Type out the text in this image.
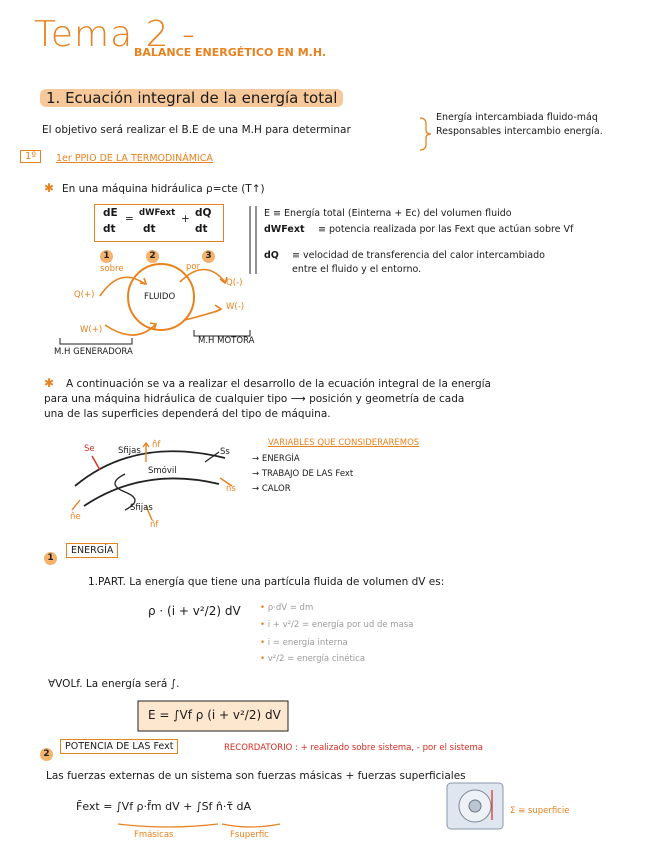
Tema 2 -
BALANCE ENERGÉTICO EN M.H.
1. Ecuación integral de la energía total
El objetivo será realizar el B.E de una M.H para determinar
Energía intercambiada fluido-máq
Responsables intercambio energía.
1º	1er PPIO DE LA TERMODINÁMICA
✱ En una máquina hidráulica ρ=cte (T↑)
dE
dt
= dWFext
dt
+ dQ
dt
1	2	3
E ≡ Energía total (Einterna + Ec) del volumen fluido
dWFext ≡ potencia realizada por las Fext que actúan sobre Vf
dQ ≡ velocidad de transferencia del calor intercambiado
entre el fluido y el entorno.
sobre	por
FLUIDO
Q(+)
Q(-)
W(+)
W(-)
M.H GENERADORA
M.H MOTORA
✱ A continuación se va a realizar el desarrollo de la ecuación integral de la energía
para una máquina hidráulica de cualquier tipo ⟶ posición y geometría de cada
una de las superficies dependerá del tipo de máquina.
Se	Sfijas
n̂f
Ss
Smóvil
n̂s
Sfijas
n̂f
n̂e
VARIABLES QUE CONSIDERAREMOS
→ ENERGÍA
→ TRABAJO DE LAS Fext
→ CALOR
1
ENERGÍA
1.PART. La energía que tiene una partícula fluida de volumen dV es:
ρ · (i + v²/2) dV • ρ·dV = dm
• i + v²/2 = energía por ud de masa
• i = energía interna
• v²/2 = energía cinética
∀VOLf. La energía será ∫.
E = ∫Vf ρ (i + v²/2) dV
2
POTENCIA DE LAS Fext	RECORDATORIO : + realizado sobre sistema, - por el sistema
Las fuerzas externas de un sistema son fuerzas másicas + fuerzas superficiales
F̄ext = ∫Vf ρ·f̄m dV + ∫Sf n̂·τ̃ dA
Fmásicas	Fsuperfic
Σ ≡ superficie
